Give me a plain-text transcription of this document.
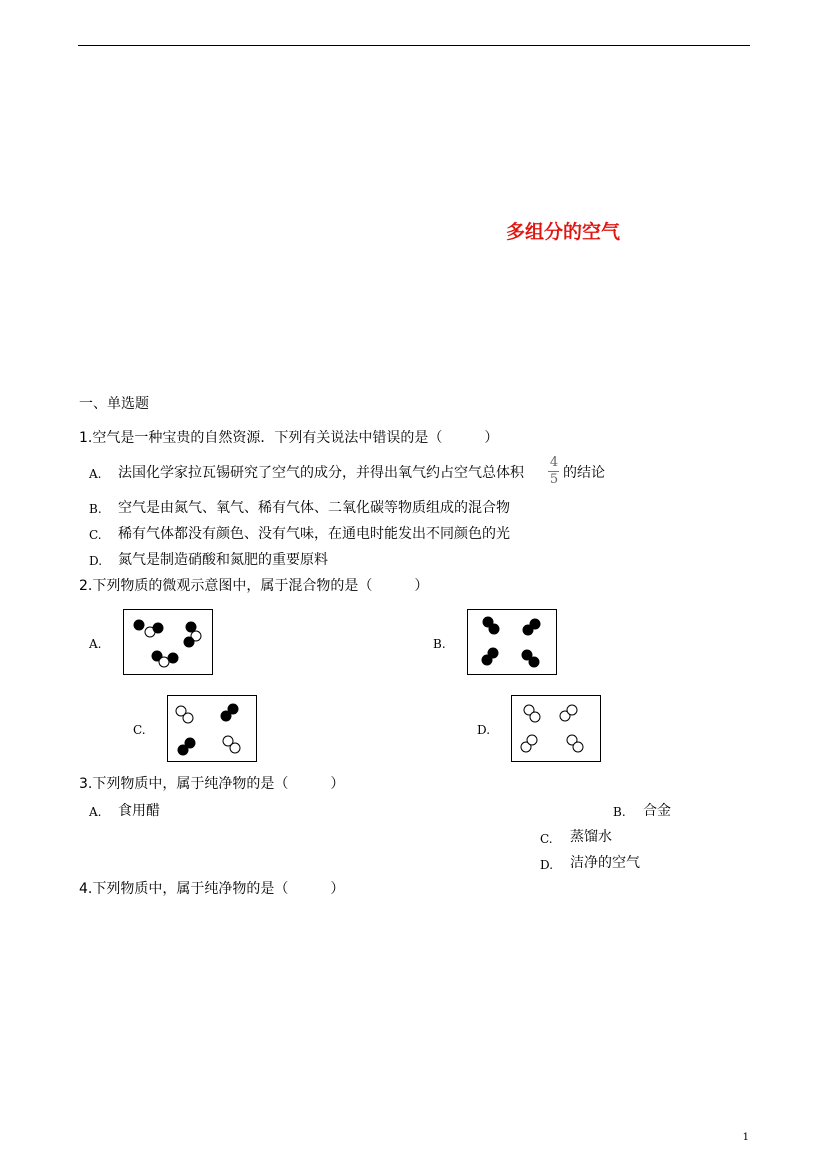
多组分的空气
一、单选题
1.空气是一种宝贵的自然资源．下列有关说法中错误的是（　　　）
A. 法国化学家拉瓦锡研究了空气的成分，并得出氧气约占空气总体积
4
5 的结论
B. 空气是由氮气、氧气、稀有气体、二氧化碳等物质组成的混合物
C. 稀有气体都没有颜色、没有气味，在通电时能发出不同颜色的光
D. 氮气是制造硝酸和氮肥的重要原料
2.下列物质的微观示意图中，属于混合物的是（　　　）
A.	B.
C.	D.
3.下列物质中，属于纯净物的是（　　　）
A. 食用醋	B. 合金
C. 蒸馏水
D. 洁净的空气
4.下列物质中，属于纯净物的是（　　　）
1
